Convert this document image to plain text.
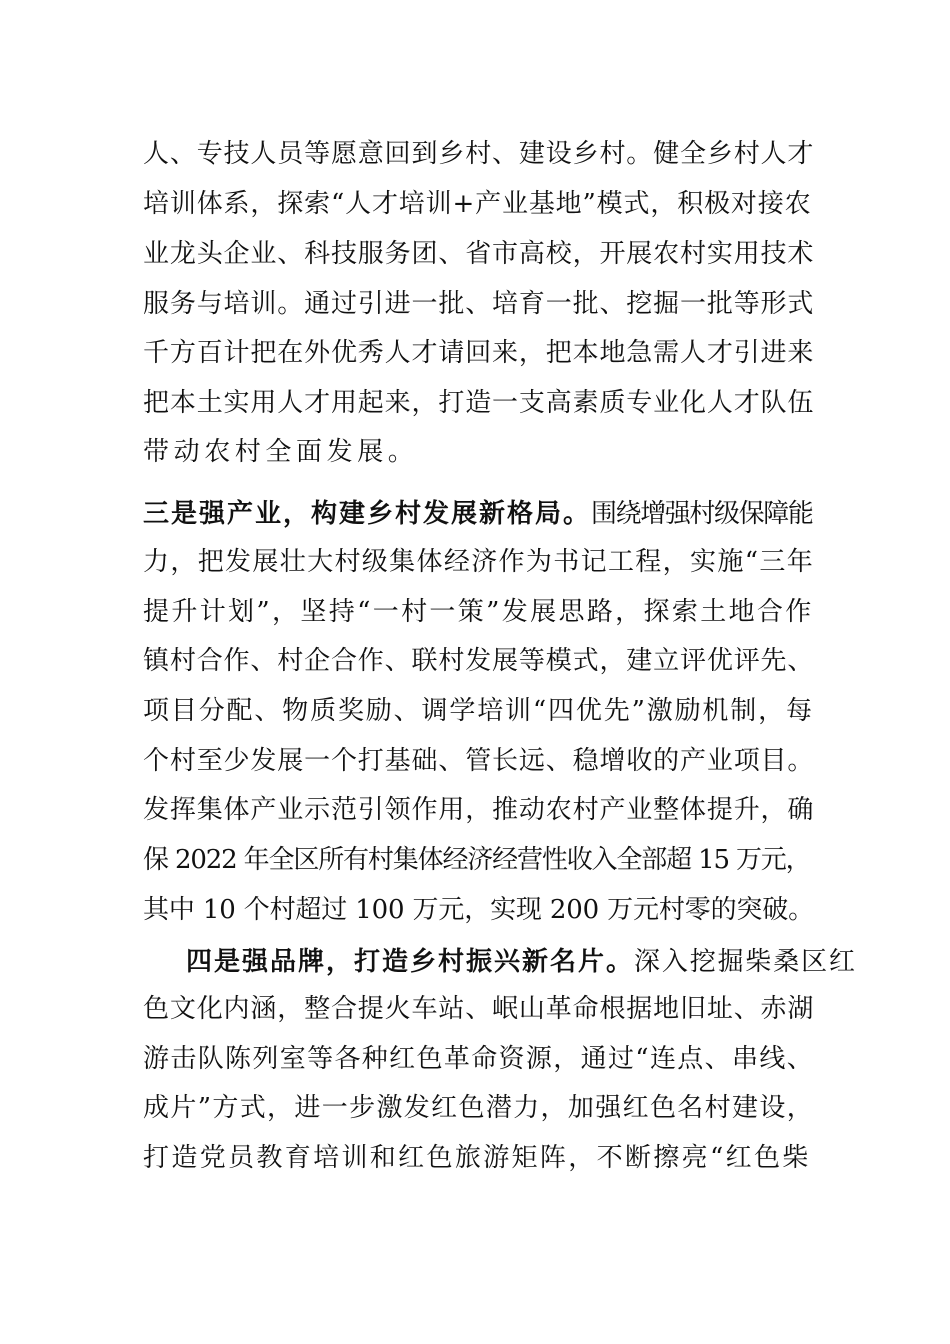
人、专技人员等愿意回到乡村、建设乡村。健全乡村人才
培训体系，探索“人才培训+产业基地”模式，积极对接农
业龙头企业、科技服务团、省市高校，开展农村实用技术
服务与培训。通过引进一批、培育一批、挖掘一批等形式
千方百计把在外优秀人才请回来，把本地急需人才引进来
把本土实用人才用起来，打造一支高素质专业化人才队伍
带动农村全面发展。
三是强产业，构建乡村发展新格局。围绕增强村级保障能
力，把发展壮大村级集体经济作为书记工程，实施“三年
提升计划”，坚持“一村一策”发展思路，探索土地合作
镇村合作、村企合作、联村发展等模式，建立评优评先、
项目分配、物质奖励、调学培训“四优先”激励机制，每
个村至少发展一个打基础、管长远、稳增收的产业项目。
发挥集体产业示范引领作用，推动农村产业整体提升，确
保 2022 年全区所有村集体经济经营性收入全部超 15 万元，
其中 10 个村超过 100 万元，实现 200 万元村零的突破。
四是强品牌，打造乡村振兴新名片。深入挖掘柴桑区红
色文化内涵，整合提火车站、岷山革命根据地旧址、赤湖
游击队陈列室等各种红色革命资源，通过“连点、串线、
成片”方式，进一步激发红色潜力，加强红色名村建设，
打造党员教育培训和红色旅游矩阵，不断擦亮“红色柴
